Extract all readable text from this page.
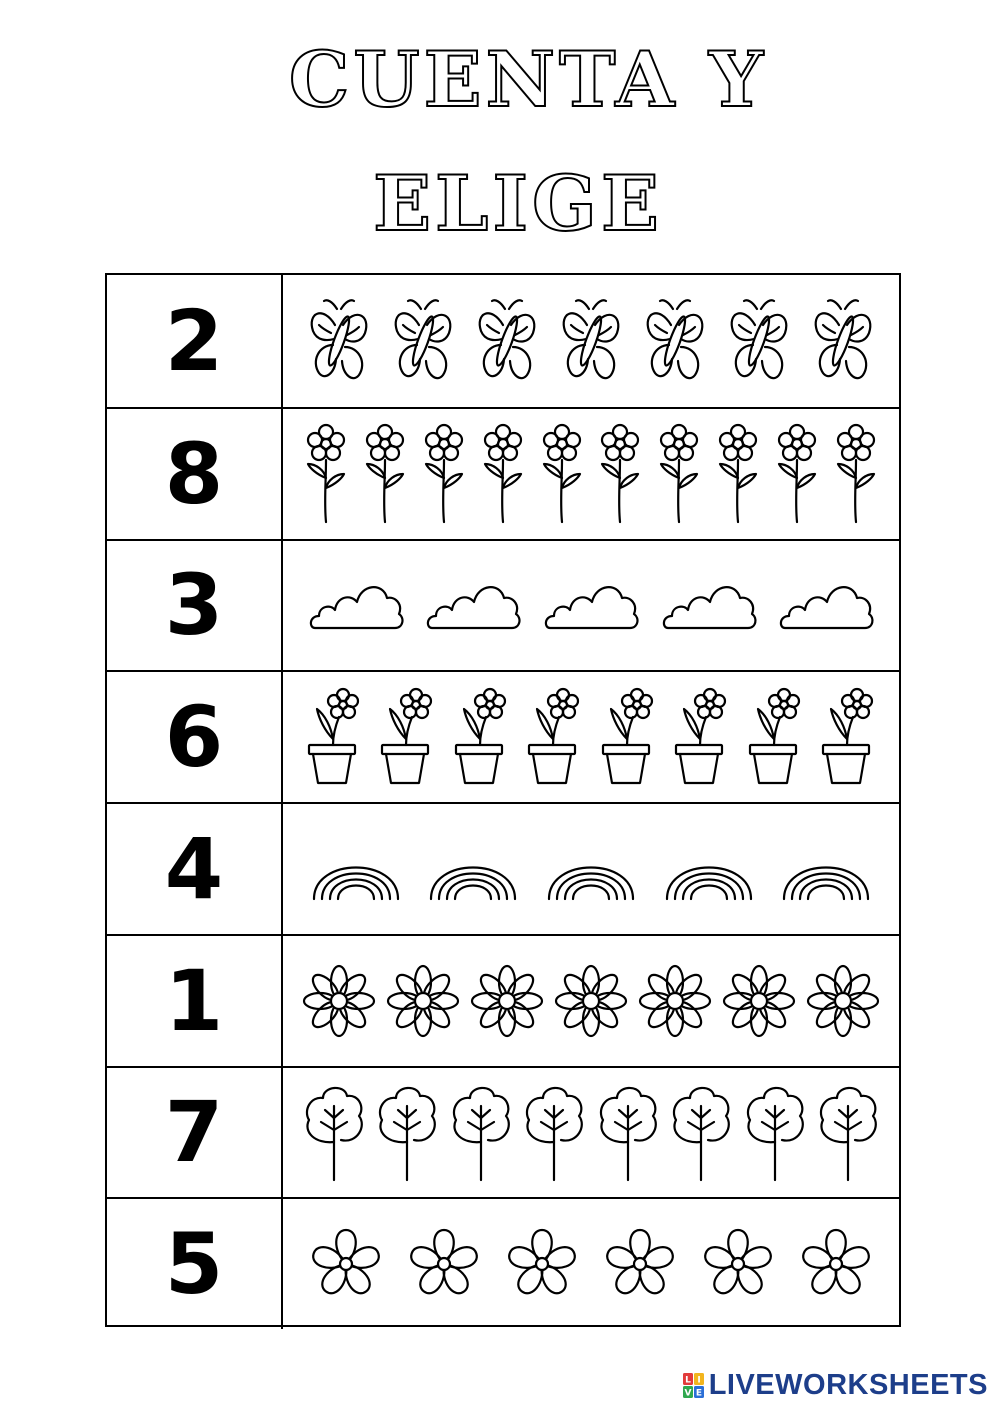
CUENTA Y
ELIGE
2
8
3
6
4
1
7
5
L I
V E LIVEWORKSHEETS
